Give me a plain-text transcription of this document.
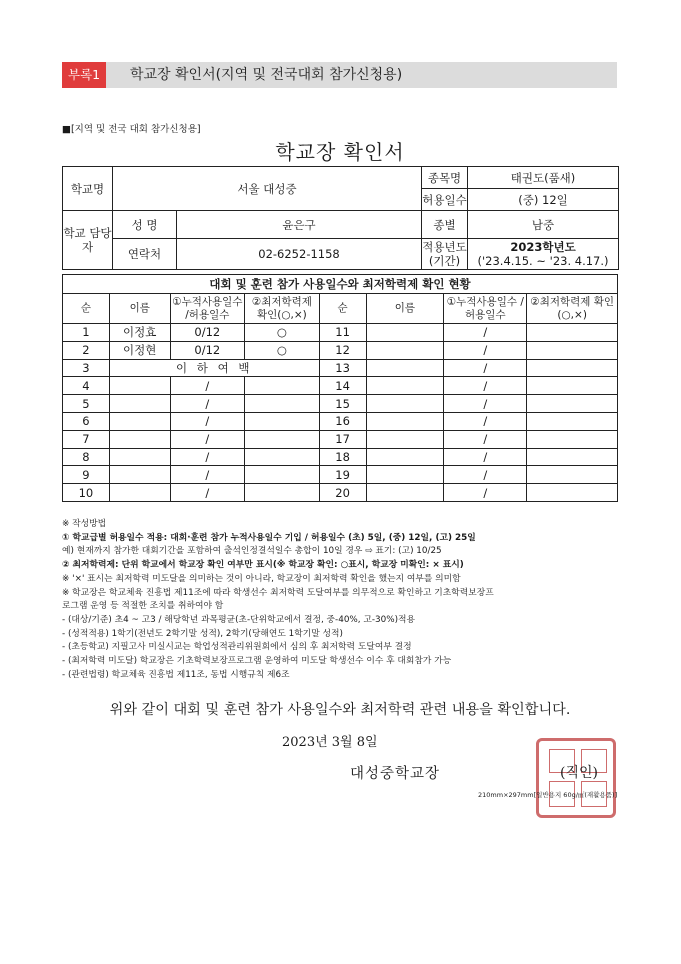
부록1	학교장 확인서(지역 및 전국대회 참가신청용)
■[지역 및 전국 대회 참가신청용]
학교장 확인서
학교명	서울 대성중		종목명	태권도(품새)
			허용일수	(중) 12일
학교 담당자	성 명	윤은구	종별	남중
	연락처	02-6252-1158	적용년도 (기간)	2023학년도
('23.4.15. ~ '23. 4.17.)
대회 및 훈련 참가 사용일수와 최저학력제 확인 현황							
순	이름	①누적사용일수 /허용일수	②최저학력제 확인(○,×)	순	이름	①누적사용일수 /허용일수	②최저학력제 확인(○,×)
1	이정효	0/12	○	11		/	
2	이정현	0/12	○	12		/	
3	이 하 여 백			13		/	
4		/		14		/	
5		/		15		/	
6		/		16		/	
7		/		17		/	
8		/		18		/	
9		/		19		/	
10		/		20		/	
※ 작성방법
① 학교급별 허용일수 적용: 대회·훈련 참가 누적사용일수 기입 / 허용일수 (초) 5일, (중) 12일, (고) 25일
예) 현재까지 참가한 대회기간을 포함하여 출석인정결석일수 총합이 10일 경우 ⇨ 표기: (고) 10/25
② 최저학력제: 단위 학교에서 학교장 확인 여부만 표시(※ 학교장 확인: ○표시, 학교장 미확인: × 표시)
※ '×' 표시는 최저학력 미도달을 의미하는 것이 아니라, 학교장이 최저학력 확인을 했는지 여부를 의미함
※ 학교장은 학교체육 진흥법 제11조에 따라 학생선수 최저학력 도달여부를 의무적으로 확인하고 기초학력보장프
로그램 운영 등 적절한 조치를 취하여야 함
- (대상/기준) 초4 ~ 고3 / 해당학년 과목평균(초-단위학교에서 결정, 중-40%, 고-30%)적용
- (성적적용) 1학기(전년도 2학기말 성적), 2학기(당해연도 1학기말 성적)
- (초등학교) 지필고사 미실시교는 학업성적관리위원회에서 심의 후 최저학력 도달여부 결정
- (최저학력 미도달) 학교장은 기초학력보장프로그램 운영하여 미도달 학생선수 이수 후 대회참가 가능
- (관련법령) 학교체육 진흥법 제11조, 동법 시행규칙 제6조
위와 같이 대회 및 훈련 참가 사용일수와 최저학력 관련 내용을 확인합니다.
2023년 3월 8일
대성중학교장	(직인)
210mm×297mm[일반용지 60g/㎡(재활용품)]
